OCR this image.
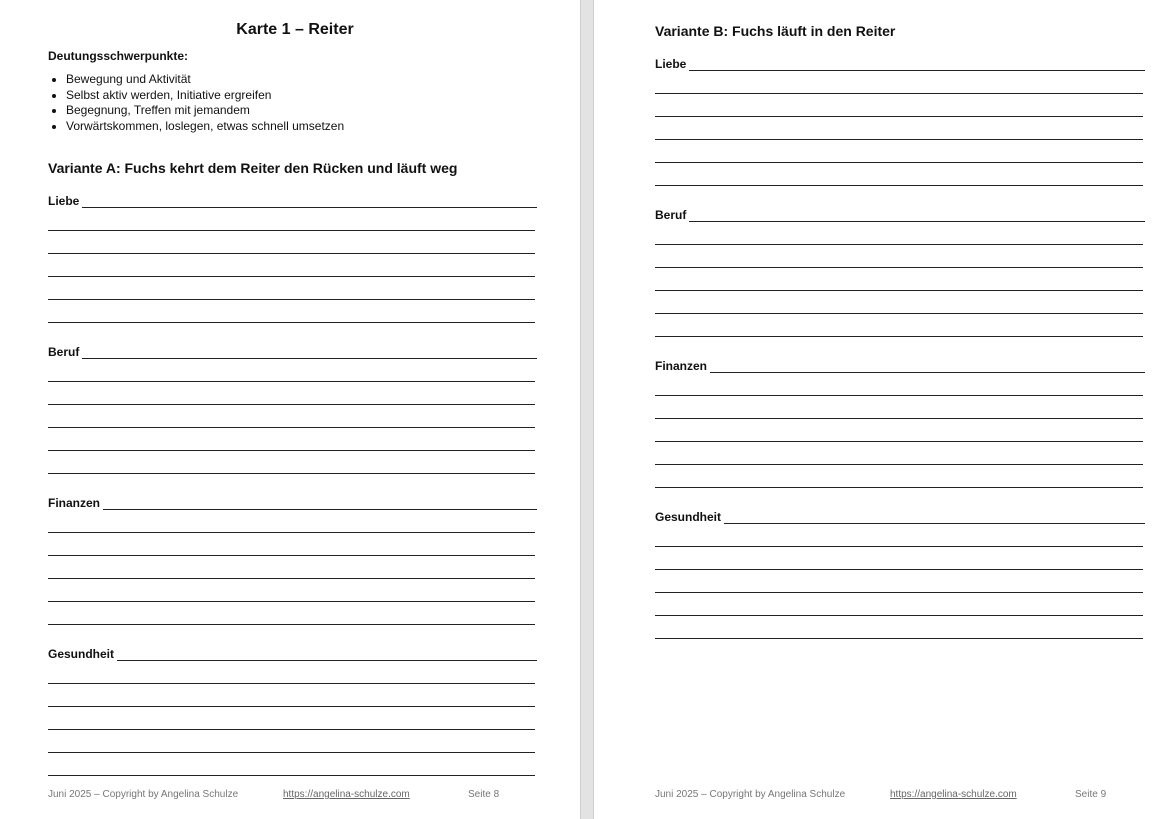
Karte 1 – Reiter
Deutungsschwerpunkte:
• Bewegung und Aktivität
• Selbst aktiv werden, Initiative ergreifen
• Begegnung, Treffen mit jemandem
• Vorwärtskommen, loslegen, etwas schnell umsetzen
Variante A: Fuchs kehrt dem Reiter den Rücken und läuft weg
Liebe
Beruf
Finanzen
Gesundheit
Juni 2025 – Copyright by Angelina Schulze	https://angelina-schulze.com	Seite 8
Variante B: Fuchs läuft in den Reiter
Liebe
Beruf
Finanzen
Gesundheit
Juni 2025 – Copyright by Angelina Schulze	https://angelina-schulze.com	Seite 9
